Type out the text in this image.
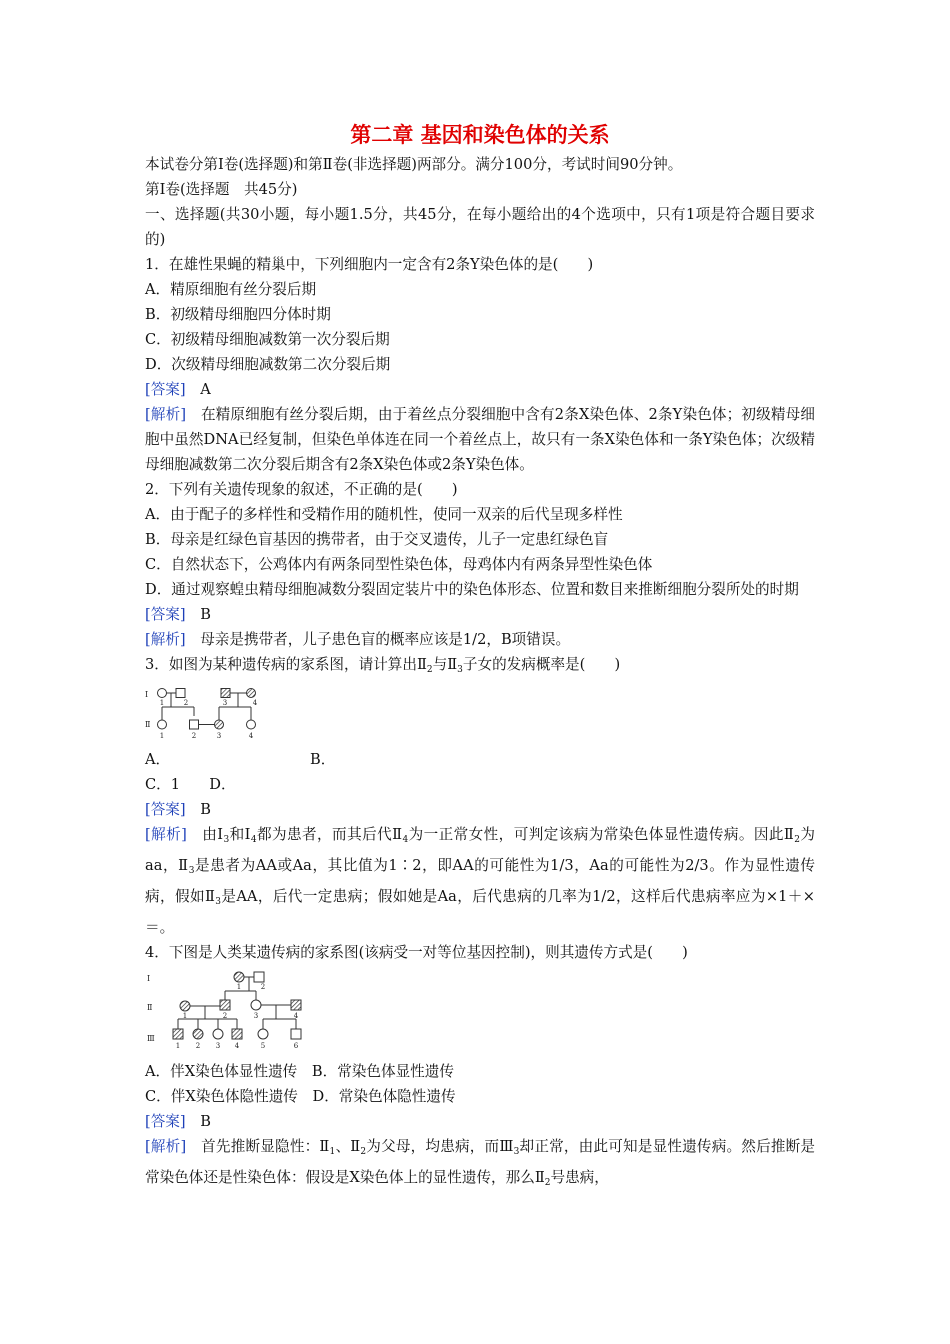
第二章 基因和染色体的关系

本试卷分第Ⅰ卷(选择题)和第Ⅱ卷(非选择题)两部分。满分100分，考试时间90分钟。

第Ⅰ卷(选择题　共45分)

一、选择题(共30小题，每小题1.5分，共45分，在每小题给出的4个选项中，只有1项是符合题目要求的)

1．在雄性果蝇的精巢中，下列细胞内一定含有2条Y染色体的是(　　)

A．精原细胞有丝分裂后期

B．初级精母细胞四分体时期

C．初级精母细胞减数第一次分裂后期

D．次级精母细胞减数第二次分裂后期

[答案]　 A

[解析]　 在精原细胞有丝分裂后期，由于着丝点分裂细胞中含有2条X染色体、2条Y染色体；初级精母细胞中虽然DNA已经复制，但染色单体连在同一个着丝点上，故只有一条X染色体和一条Y染色体；次级精母细胞减数第二次分裂后期含有2条X染色体或2条Y染色体。

2．下列有关遗传现象的叙述，不正确的是(　　)

A．由于配子的多样性和受精作用的随机性，使同一双亲的后代呈现多样性

B．母亲是红绿色盲基因的携带者，由于交叉遗传，儿子一定患红绿色盲

C．自然状态下，公鸡体内有两条同型性染色体，母鸡体内有两条异型性染色体

D．通过观察蝗虫精母细胞减数分裂固定装片中的染色体形态、位置和数目来推断细胞分裂所处的时期

[答案]　 B

[解析]　 母亲是携带者，儿子患色盲的概率应该是1/2，B项错误。

3．如图为某种遗传病的家系图，请计算出$Ⅱ_2$与$Ⅱ_3$子女的发病概率是(　　)

Ⅰ
Ⅱ
1	2	3	4
1	2	3	4

A．	B．

C．1　　 D．

[答案]　 B

[解析]　 由$Ⅰ_3$和$Ⅰ_4$都为患者，而其后代$Ⅱ_4$为一正常女性，可判定该病为常染色体显性遗传病。因此$Ⅱ_2$为aa，$Ⅱ_3$是患者为AA或Aa，其比值为1∶2，即AA的可能性为1/3，Aa的可能性为2/3。作为显性遗传病，假如$Ⅱ_3$是AA，后代一定患病；假如她是Aa，后代患病的几率为1/2，这样后代患病率应为×1＋×＝。

4．下图是人类某遗传病的家系图(该病受一对等位基因控制)，则其遗传方式是(　　)

Ⅰ
Ⅱ
Ⅲ
1	2
1	2	3	4
1 2 3 4	5	6

A．伴X染色体显性遗传　 B．常染色体显性遗传

C．伴X染色体隐性遗传　 D．常染色体隐性遗传

[答案]　 B

[解析]　 首先推断显隐性：$Ⅱ_1$、$Ⅱ_2$为父母，均患病，而$Ⅲ_3$却正常，由此可知是显性遗传病。然后推断是常染色体还是性染色体：假设是X染色体上的显性遗传，那么$Ⅱ_2$号患病，
